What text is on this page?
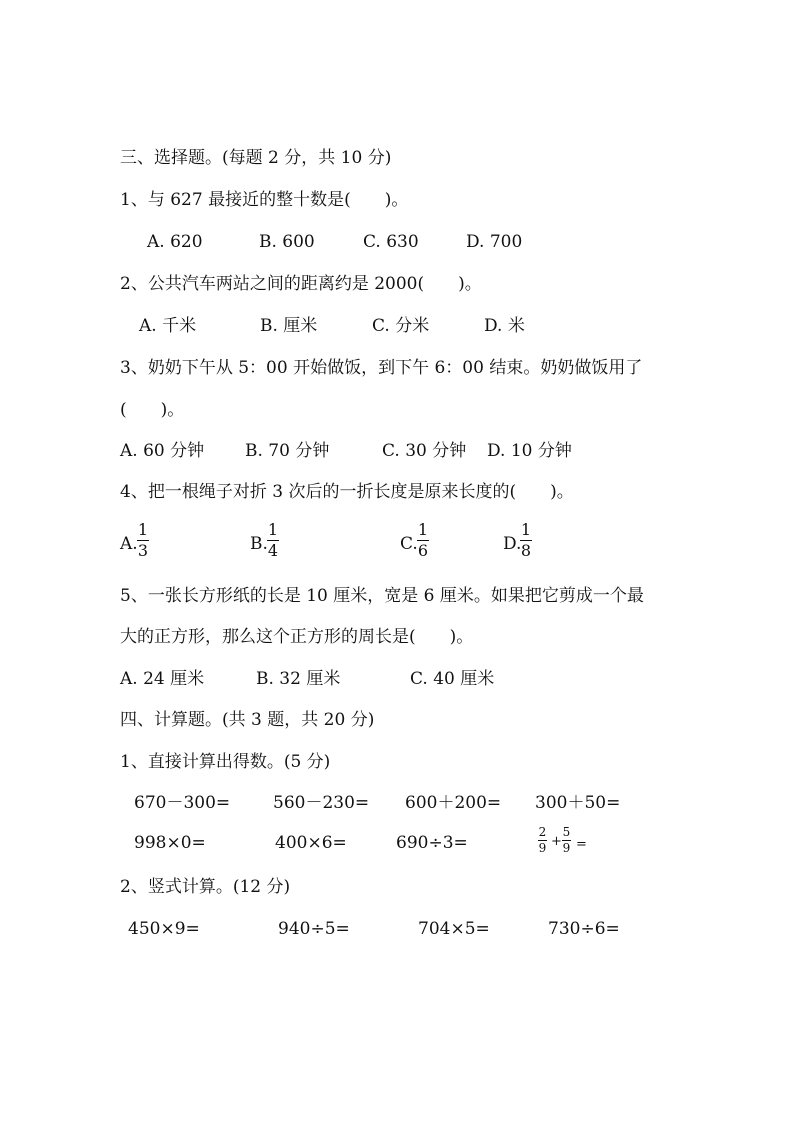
三、选择题。(每题 2 分，共 10 分)
1、与 627 最接近的整十数是(　　)。
A. 620	B. 600	C. 630	D. 700
2、公共汽车两站之间的距离约是 2000(　　)。
A. 千米	B. 厘米	C. 分米	D. 米
3、奶奶下午从 5：00 开始做饭，到下午 6：00 结束。奶奶做饭用了
(　　)。
A. 60 分钟 B. 70 分钟	C. 30 分钟 D. 10 分钟
4、把一根绳子对折 3 次后的一折长度是原来长度的(　　)。
A.
1
3	B.
1
4	C.
1
6	D.
1
8
5、一张长方形纸的长是 10 厘米，宽是 6 厘米。如果把它剪成一个最
大的正方形，那么这个正方形的周长是(　　)。
A. 24 厘米	B. 32 厘米	C. 40 厘米
四、计算题。(共 3 题，共 20 分)
1、直接计算出得数。(5 分)
670－300=	560－230= 600＋200= 300＋50=
998×0=	400×6=	690÷3=
2
9 +
5
9 =
2、竖式计算。(12 分)
450×9=	940÷5=	704×5=	730÷6=
